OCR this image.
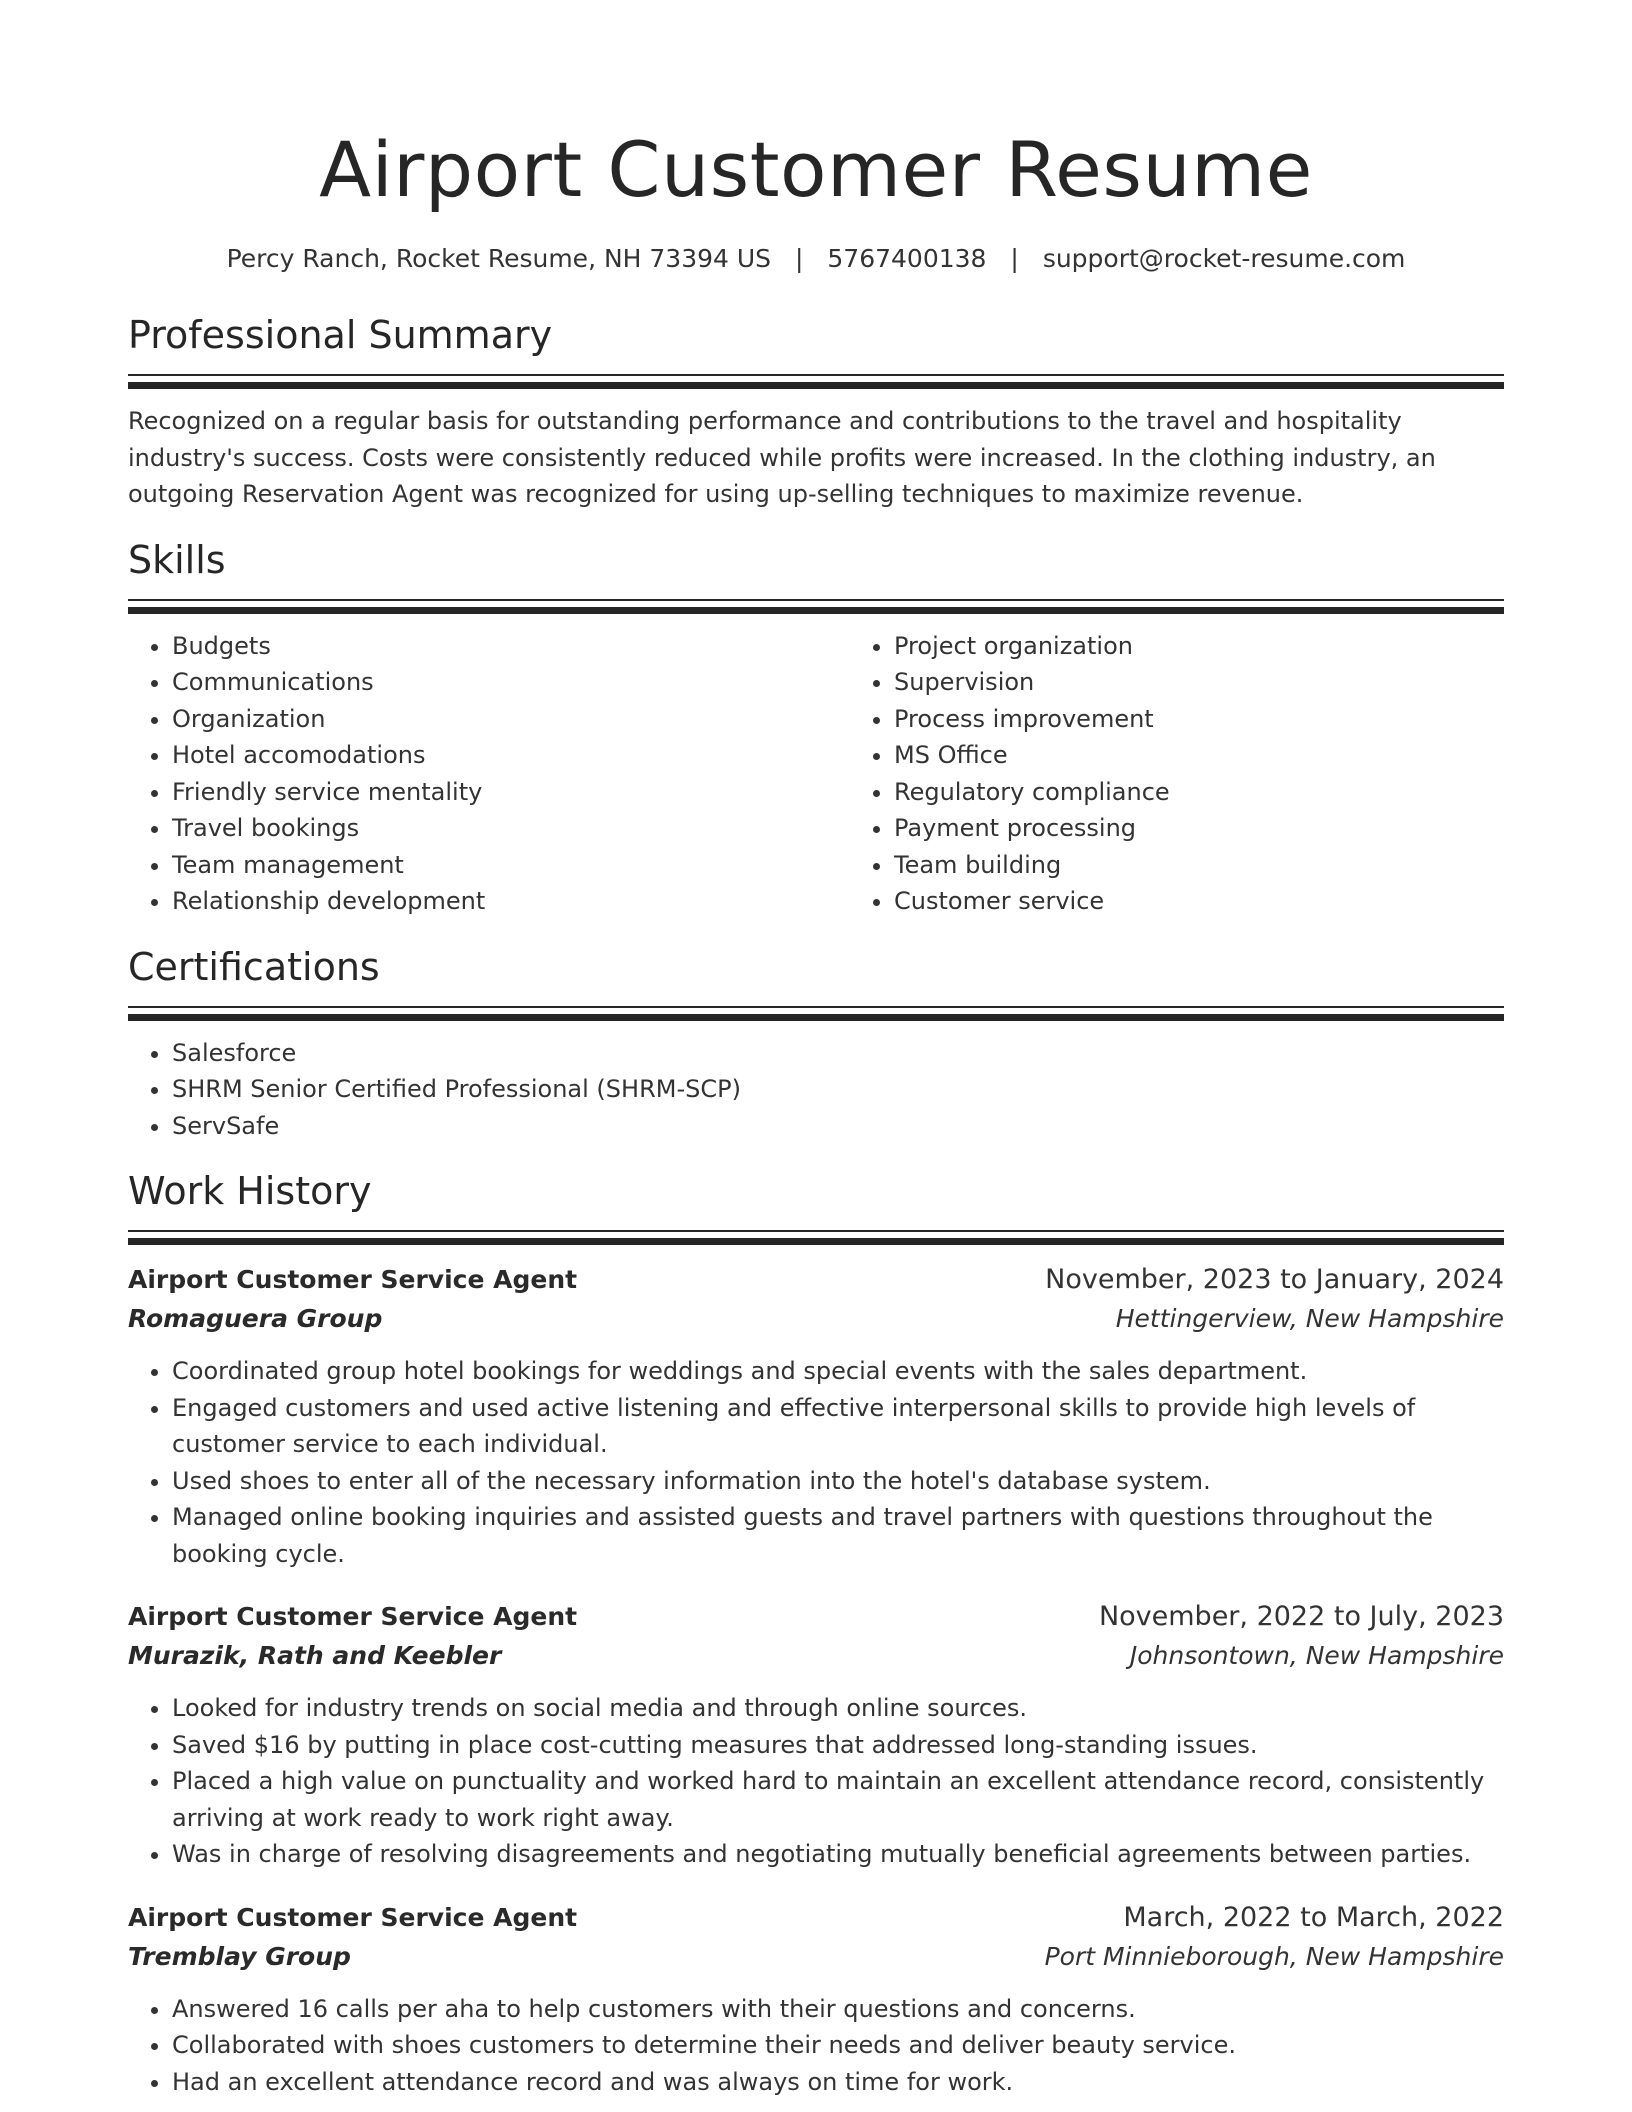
Airport Customer Resume
Percy Ranch, Rocket Resume, NH 73394 US | 5767400138 | support@rocket-resume.com
Professional Summary
Recognized on a regular basis for outstanding performance and contributions to the travel and hospitality industry's success. Costs were consistently reduced while profits were increased. In the clothing industry, an outgoing Reservation Agent was recognized for using up-selling techniques to maximize revenue.
Skills
• Budgets
• Communications
• Organization
• Hotel accomodations
• Friendly service mentality
• Travel bookings
• Team management
• Relationship development
• Project organization
• Supervision
• Process improvement
• MS Office
• Regulatory compliance
• Payment processing
• Team building
• Customer service
Certifications
• Salesforce
• SHRM Senior Certified Professional (SHRM-SCP)
• ServSafe
Work History
Airport Customer Service Agent	November, 2023 to January, 2024
Romaguera Group	Hettingerview, New Hampshire
• Coordinated group hotel bookings for weddings and special events with the sales department.
• Engaged customers and used active listening and effective interpersonal skills to provide high levels of customer service to each individual.
• Used shoes to enter all of the necessary information into the hotel's database system.
• Managed online booking inquiries and assisted guests and travel partners with questions throughout the booking cycle.
Airport Customer Service Agent	November, 2022 to July, 2023
Murazik, Rath and Keebler	Johnsontown, New Hampshire
• Looked for industry trends on social media and through online sources.
• Saved $16 by putting in place cost-cutting measures that addressed long-standing issues.
• Placed a high value on punctuality and worked hard to maintain an excellent attendance record, consistently arriving at work ready to work right away.
• Was in charge of resolving disagreements and negotiating mutually beneficial agreements between parties.
Airport Customer Service Agent	March, 2022 to March, 2022
Tremblay Group	Port Minnieborough, New Hampshire
• Answered 16 calls per aha to help customers with their questions and concerns.
• Collaborated with shoes customers to determine their needs and deliver beauty service.
• Had an excellent attendance record and was always on time for work.
